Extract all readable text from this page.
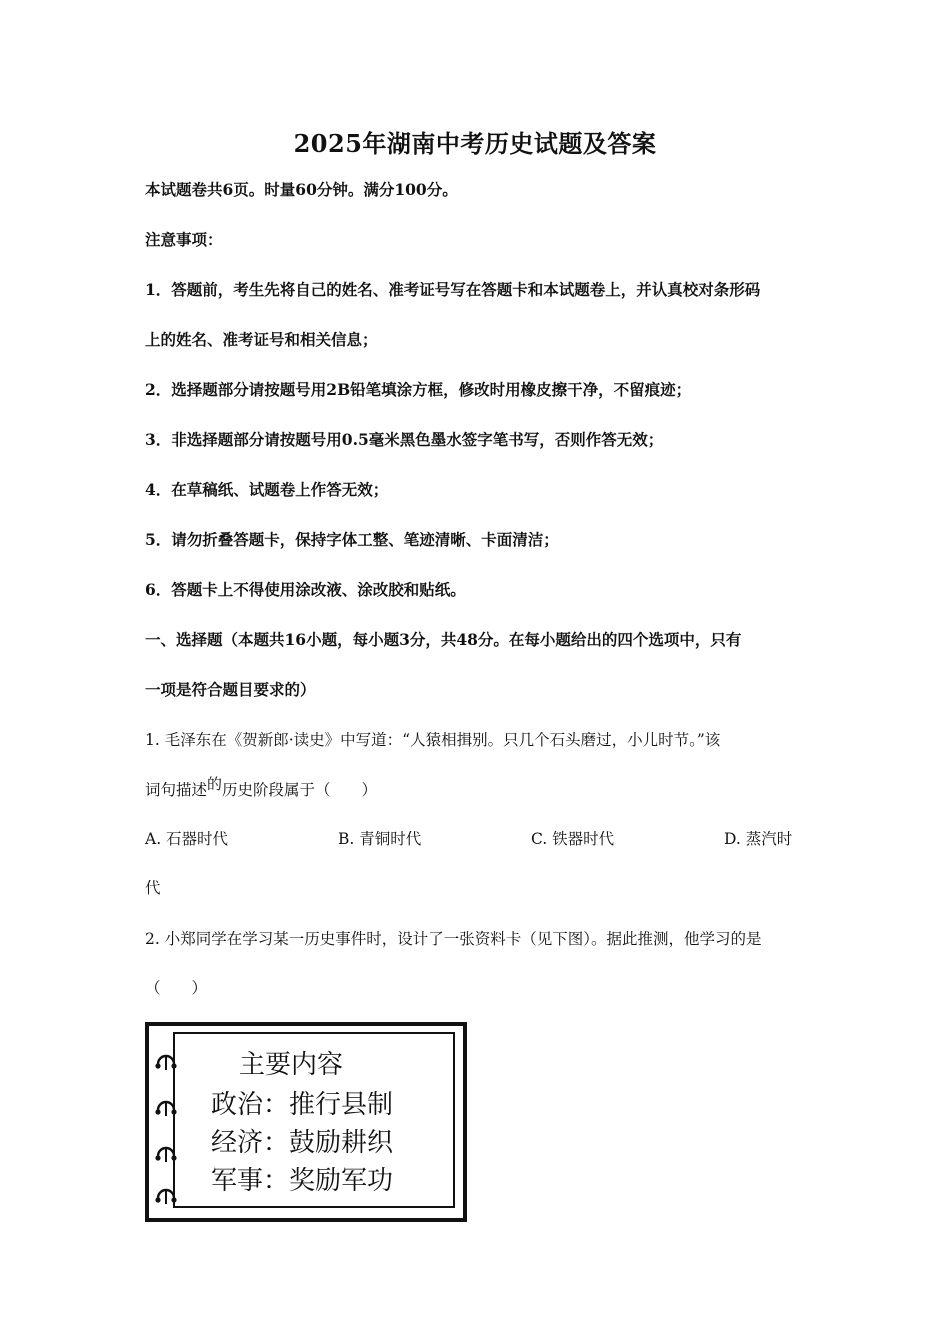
2025年湖南中考历史试题及答案
本试题卷共6页。时量60分钟。满分100分。
注意事项：
1．答题前，考生先将自己的姓名、准考证号写在答题卡和本试题卷上，并认真校对条形码
上的姓名、准考证号和相关信息；
2．选择题部分请按题号用2B铅笔填涂方框，修改时用橡皮擦干净，不留痕迹；
3．非选择题部分请按题号用0.5毫米黑色墨水签字笔书写，否则作答无效；
4．在草稿纸、试题卷上作答无效；
5．请勿折叠答题卡，保持字体工整、笔迹清晰、卡面清洁；
6．答题卡上不得使用涂改液、涂改胶和贴纸。
一、选择题（本题共16小题，每小题3分，共48分。在每小题给出的四个选项中，只有
一项是符合题目要求的）
1. 毛泽东在《贺新郎·读史》中写道：“人猿相揖别。只几个石头磨过，小儿时节。”该
词句描述的历史阶段属于（　　）
A. 石器时代	B. 青铜时代	C. 铁器时代	D. 蒸汽时
代
2. 小郑同学在学习某一历史事件时，设计了一张资料卡（见下图）。据此推测，他学习的是
（　　）
主要内容
政治：推行县制
经济：鼓励耕织
军事：奖励军功
